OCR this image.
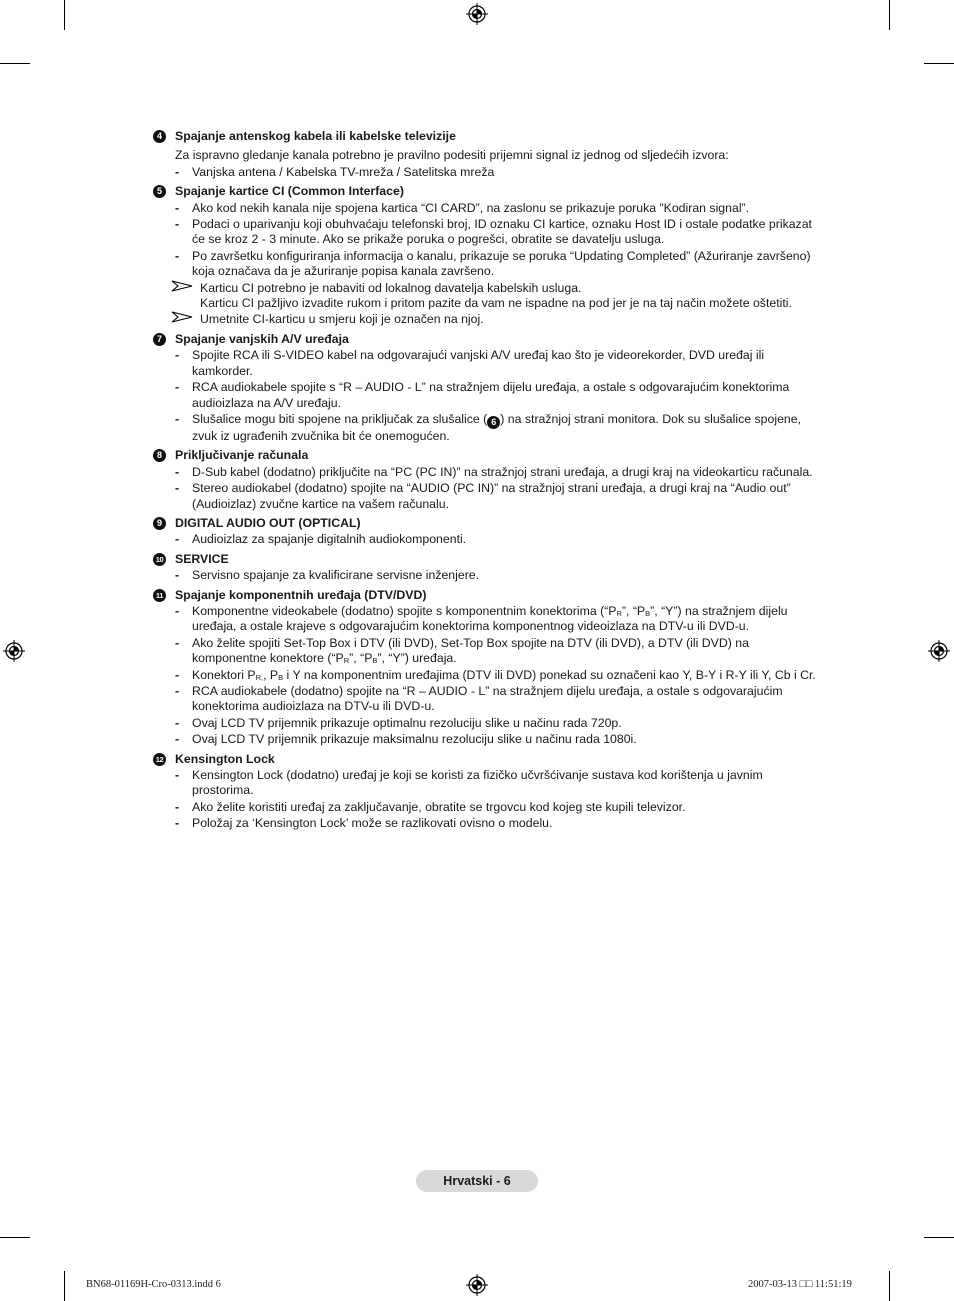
4	Spajanje antenskog kabela ili kabelske televizije
Za ispravno gledanje kanala potrebno je pravilno podesiti prijemni signal iz jednog od sljedećih izvora:
- Vanjska antena / Kabelska TV-mreža / Satelitska mreža
5	Spajanje kartice CI (Common Interface)
- Ako kod nekih kanala nije spojena kartica “CI CARD”, na zaslonu se prikazuje poruka ”Kodiran signal”.
- Podaci o uparivanju koji obuhvaćaju telefonski broj, ID oznaku CI kartice, oznaku Host ID i ostale podatke prikazat će se kroz 2 - 3 minute. Ako se prikaže poruka o pogrešci, obratite se davatelju usluga.
- Po završetku konfiguriranja informacija o kanalu, prikazuje se poruka “Updating Completed” (Ažuriranje završeno) koja označava da je ažuriranje popisa kanala završeno.
Karticu CI potrebno je nabaviti od lokalnog davatelja kabelskih usluga.
Karticu CI pažljivo izvadite rukom i pritom pazite da vam ne ispadne na pod jer je na taj način možete oštetiti.
Umetnite CI-karticu u smjeru koji je označen na njoj.
7	Spajanje vanjskih A/V uređaja
- Spojite RCA ili S-VIDEO kabel na odgovarajući vanjski A/V uređaj kao što je videorekorder, DVD uređaj ili kamkorder.
- RCA audiokabele spojite s “R – AUDIO - L” na stražnjem dijelu uređaja, a ostale s odgovarajućim konektorima audioizlaza na A/V uređaju.
- Slušalice mogu biti spojene na priključak za slušalice ( 6 ) na stražnjoj strani monitora. Dok su slušalice spojene, zvuk iz ugrađenih zvučnika bit će onemogućen.
8	Priključivanje računala
- D-Sub kabel (dodatno) priključite na “PC (PC IN)” na stražnjoj strani uređaja, a drugi kraj na videokarticu računala.
- Stereo audiokabel (dodatno) spojite na “AUDIO (PC IN)” na stražnjoj strani uređaja, a drugi kraj na “Audio out” (Audioizlaz) zvučne kartice na vašem računalu.
9	DIGITAL AUDIO OUT (OPTICAL)
- Audioizlaz za spajanje digitalnih audiokomponenti.
10 SERVICE
- Servisno spajanje za kvalificirane servisne inženjere.
11 Spajanje komponentnih uređaja (DTV/DVD)
- Komponentne videokabele (dodatno) spojite s komponentnim konektorima (“$P_R$”, “$P_B$”, “Y”) na stražnjem dijelu uređaja, a ostale krajeve s odgovarajućim konektorima komponentnog videoizlaza na DTV-u ili DVD-u.
- Ako želite spojiti Set-Top Box i DTV (ili DVD), Set-Top Box spojite na DTV (ili DVD), a DTV (ili DVD) na komponentne konektore (“$P_R$”, “$P_B$”, “Y”) uređaja.
- Konektori $P_{R,}$, $P_B$ i Y na komponentnim uređajima (DTV ili DVD) ponekad su označeni kao Y, B-Y i R-Y ili Y, Cb i Cr.
- RCA audiokabele (dodatno) spojite na “R – AUDIO - L” na stražnjem dijelu uređaja, a ostale s odgovarajućim konektorima audioizlaza na DTV-u ili DVD-u.
- Ovaj LCD TV prijemnik prikazuje optimalnu rezoluciju slike u načinu rada 720p.
- Ovaj LCD TV prijemnik prikazuje maksimalnu rezoluciju slike u načinu rada 1080i.
12 Kensington Lock
- Kensington Lock (dodatno) uređaj je koji se koristi za fizičko učvršćivanje sustava kod korištenja u javnim prostorima.
- Ako želite koristiti uređaj za zaključavanje, obratite se trgovcu kod kojeg ste kupili televizor.
- Položaj za ‘Kensington Lock’ može se razlikovati ovisno o modelu.
Hrvatski - 6
BN68-01169H-Cro-0313.indd 6	2007-03-13 □□ 11:51:19
